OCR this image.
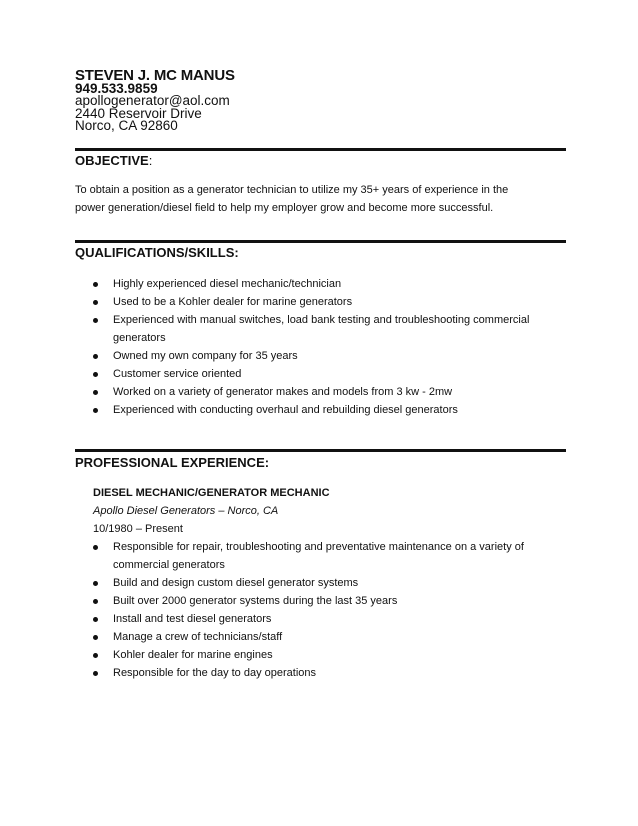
STEVEN J. MC MANUS
949.533.9859
apollogenerator@aol.com
2440 Reservoir Drive
Norco, CA 92860
OBJECTIVE:
To obtain a position as a generator technician to utilize my 35+ years of experience in the
power generation/diesel field to help my employer grow and become more successful.
QUALIFICATIONS/SKILLS:
Highly experienced diesel mechanic/technician
Used to be a Kohler dealer for marine generators
Experienced with manual switches, load bank testing and troubleshooting commercial
generators
Owned my own company for 35 years
Customer service oriented
Worked on a variety of generator makes and models from 3 kw - 2mw
Experienced with conducting overhaul and rebuilding diesel generators
PROFESSIONAL EXPERIENCE:
DIESEL MECHANIC/GENERATOR MECHANIC
Apollo Diesel Generators – Norco, CA
10/1980 – Present
Responsible for repair, troubleshooting and preventative maintenance on a variety of
commercial generators
Build and design custom diesel generator systems
Built over 2000 generator systems during the last 35 years
Install and test diesel generators
Manage a crew of technicians/staff
Kohler dealer for marine engines
Responsible for the day to day operations
